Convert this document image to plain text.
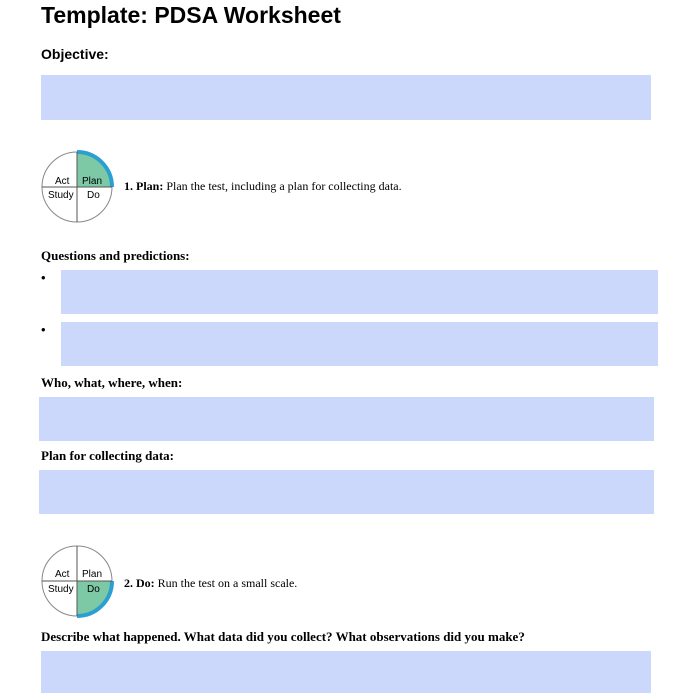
Template: PDSA Worksheet
Objective:
Act Plan
Study Do
1. Plan: Plan the test, including a plan for collecting data.
Questions and predictions:
•
•
Who, what, where, when:
Plan for collecting data:
Act Plan
Study Do 2. Do: Run the test on a small scale.
Describe what happened. What data did you collect? What observations did you make?
